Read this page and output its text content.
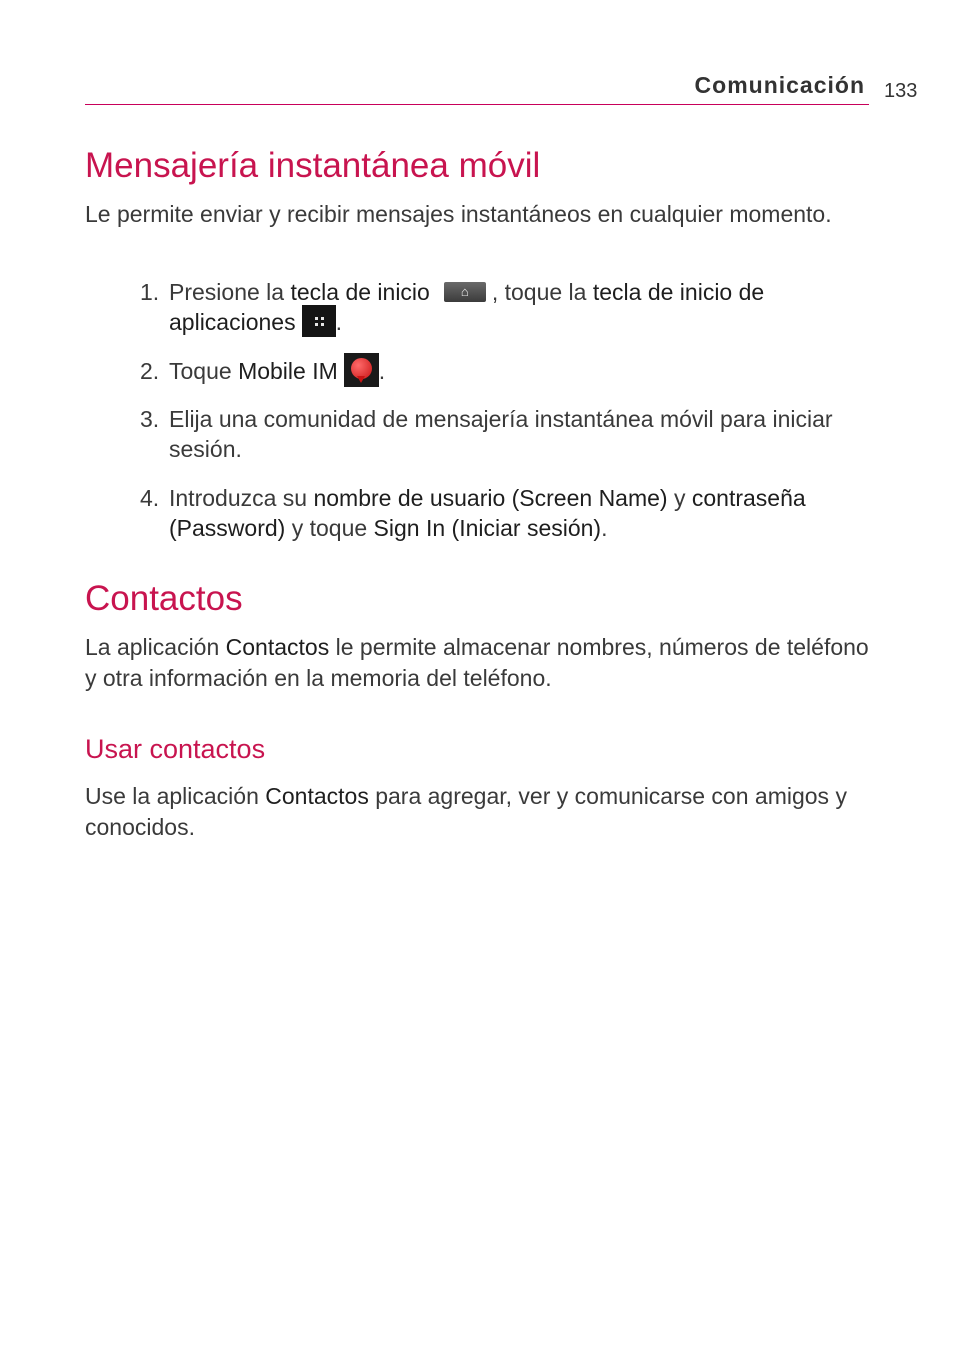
Comunicación 133
Mensajería instantánea móvil

Le permite enviar y recibir mensajes instantáneos en cualquier momento.

1. Presione la tecla de inicio⌂	, toque la tecla de inicio de aplicaciones .
2. Toque Mobile IM .
3. Elija una comunidad de mensajería instantánea móvil para iniciar sesión.
4. Introduzca su nombre de usuario (Screen Name) y contraseña (Password) y toque Sign In (Iniciar sesión).
Contactos

La aplicación Contactos le permite almacenar nombres, números de teléfono y otra información en la memoria del teléfono.

Usar contactos

Use la aplicación Contactos para agregar, ver y comunicarse con amigos y conocidos.
